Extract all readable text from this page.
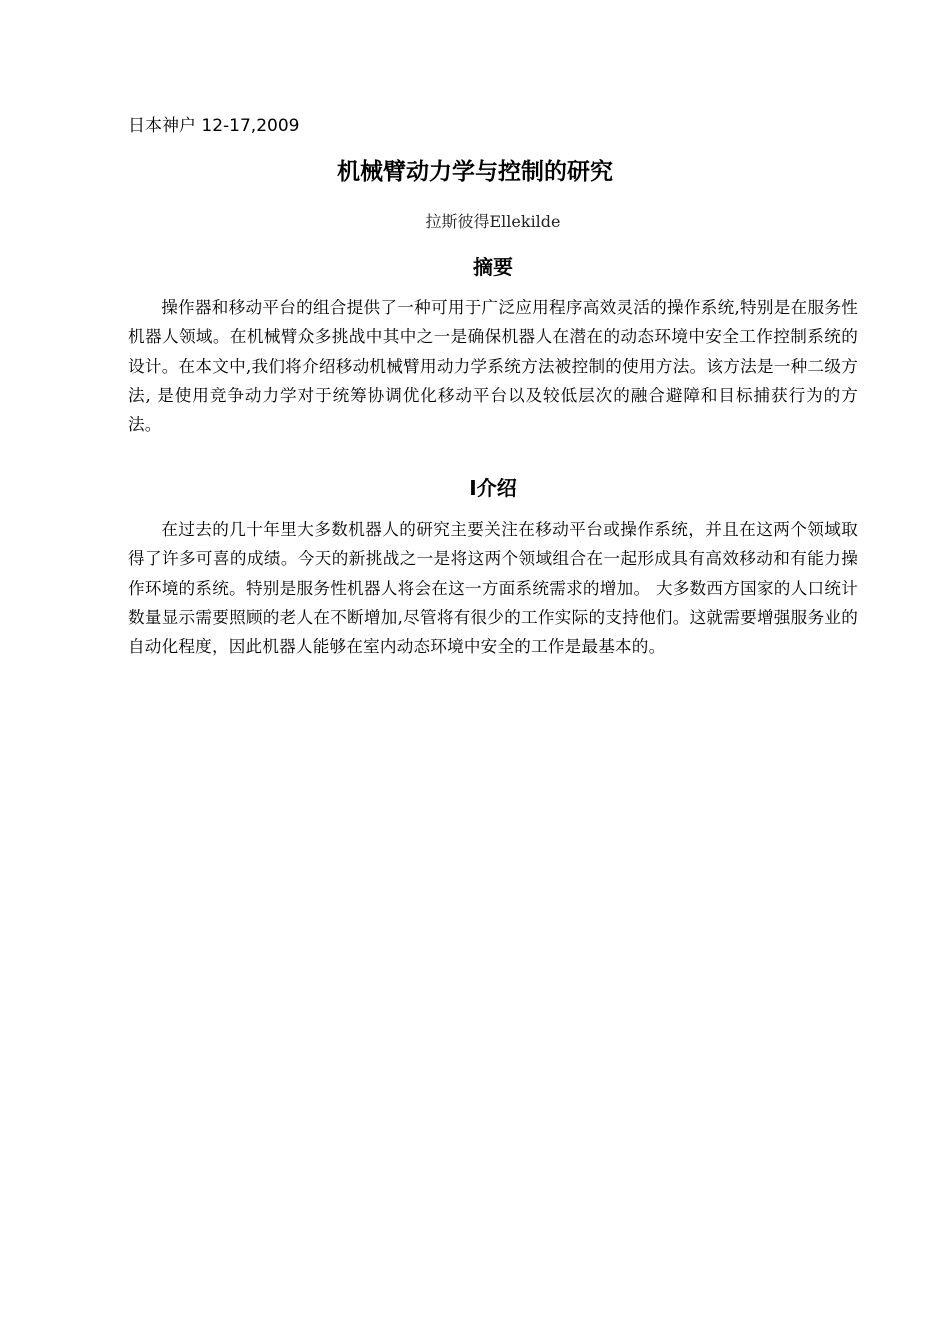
日本神户 12-17,2009
机械臂动力学与控制的研究
拉斯彼得Ellekilde
摘要
操作器和移动平台的组合提供了一种可用于广泛应用程序高效灵活的操作系统,特别是在服务性机器人领域。在机械臂众多挑战中其中之一是确保机器人在潜在的动态环境中安全工作控制系统的设计。在本文中,我们将介绍移动机械臂用动力学系统方法被控制的使用方法。该方法是一种二级方法, 是使用竞争动力学对于统筹协调优化移动平台以及较低层次的融合避障和目标捕获行为的方法。
I介绍
在过去的几十年里大多数机器人的研究主要关注在移动平台或操作系统，并且在这两个领域取得了许多可喜的成绩。今天的新挑战之一是将这两个领域组合在一起形成具有高效移动和有能力操作环境的系统。特别是服务性机器人将会在这一方面系统需求的增加。 大多数西方国家的人口统计数量显示需要照顾的老人在不断增加,尽管将有很少的工作实际的支持他们。这就需要增强服务业的自动化程度，因此机器人能够在室内动态环境中安全的工作是最基本的。
